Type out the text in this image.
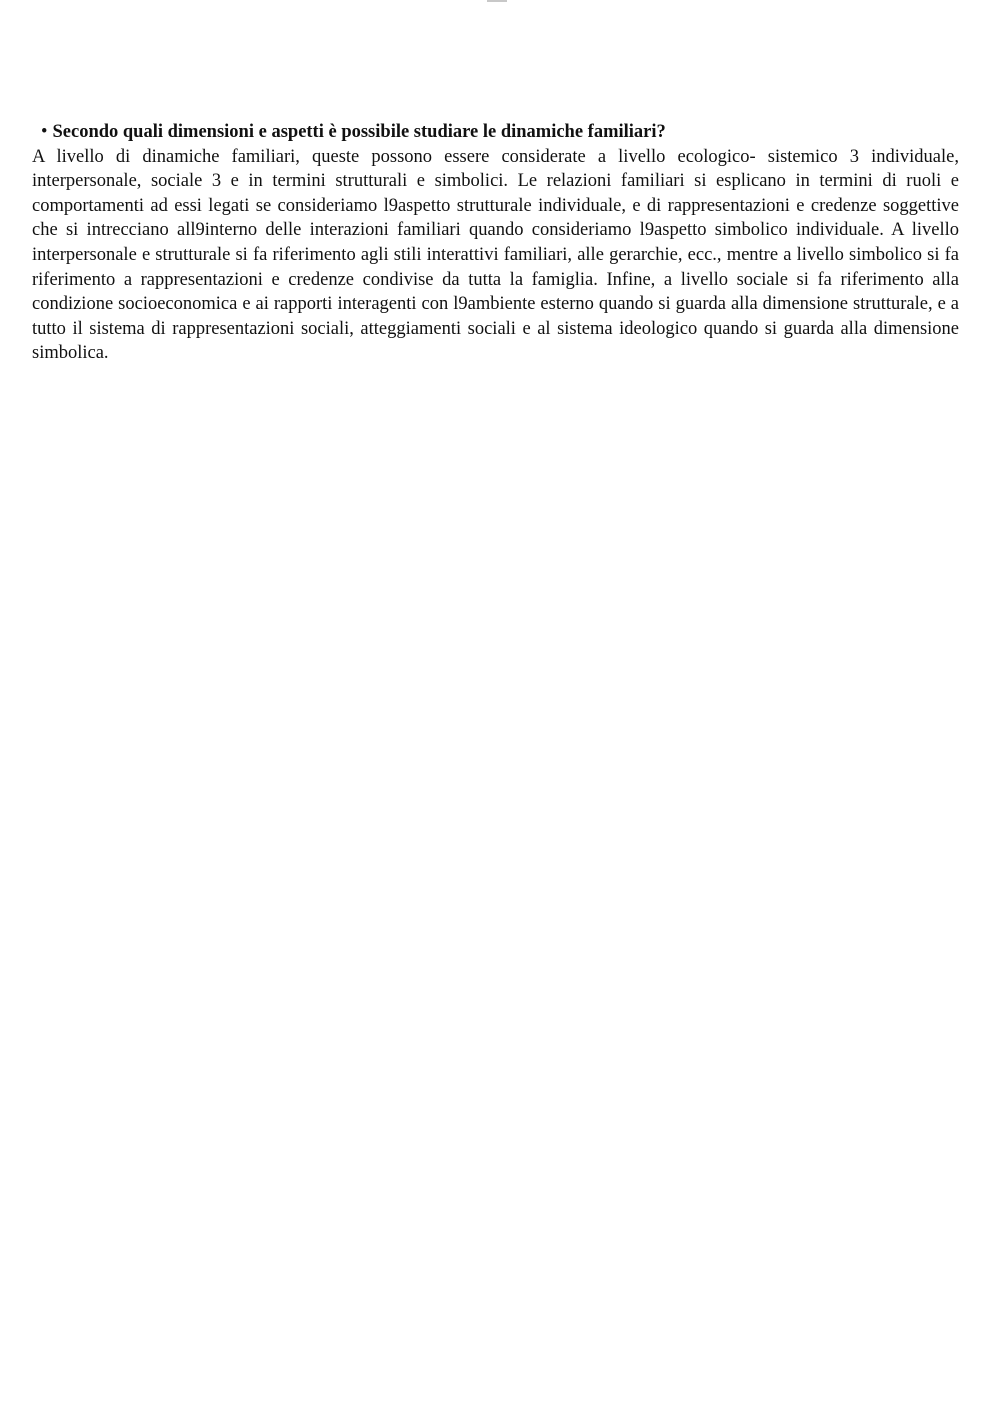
• Secondo quali dimensioni e aspetti è possibile studiare le dinamiche familiari?

A livello di dinamiche familiari, queste possono essere considerate a livello ecologico- sistemico 3 individuale, interpersonale, sociale 3 e in termini strutturali e simbolici. Le relazioni familiari si esplicano in termini di ruoli e comportamenti ad essi legati se consideriamo l9aspetto strutturale individuale, e di rappresentazioni e credenze soggettive che si intrecciano all9interno delle interazioni familiari quando consideriamo l9aspetto simbolico individuale. A livello interpersonale e strutturale si fa riferimento agli stili interattivi familiari, alle gerarchie, ecc., mentre a livello simbolico si fa riferimento a rappresentazioni e credenze condivise da tutta la famiglia. Infine, a livello sociale si fa riferimento alla condizione socioeconomica e ai rapporti interagenti con l9ambiente esterno quando si guarda alla dimensione strutturale, e a tutto il sistema di rappresentazioni sociali, atteggiamenti sociali e al sistema ideologico quando si guarda alla dimensione simbolica.
